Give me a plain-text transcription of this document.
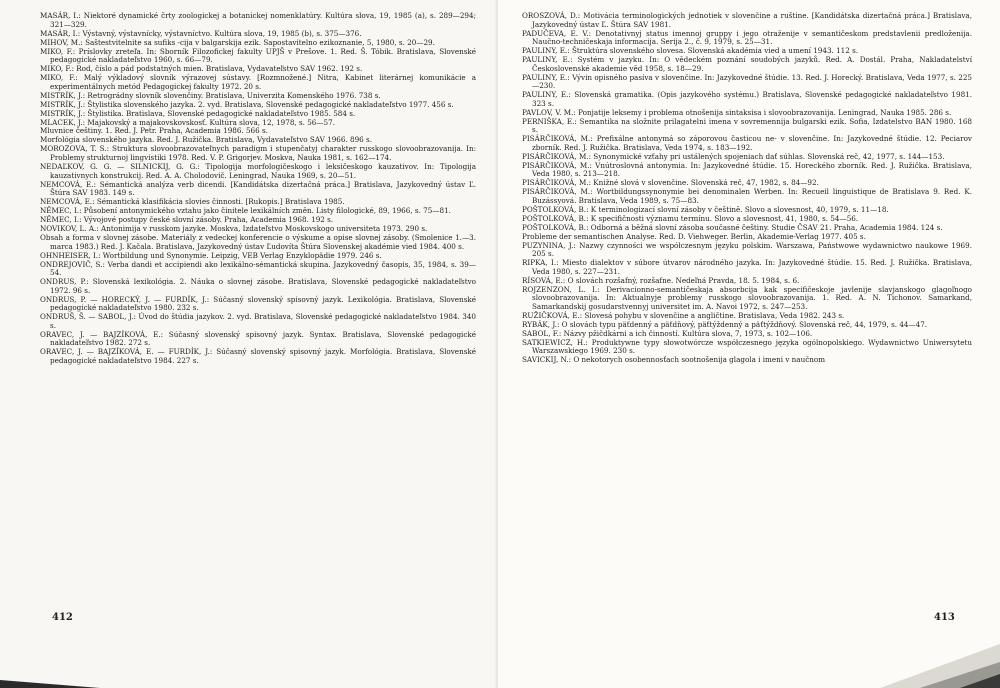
MASÁR, I.: Niektoré dynamické črty zoologickej a botanickej nomenklatúry. Kultúra slova, 19, 1985 (a), s. 289—294; 321—329.
MASÁR, I.: Výstavný, výstavnícky, výstavníctvo. Kultúra slova, 19, 1985 (b), s. 375—376.
MIHOV, M.: Saštestvitelnite sa sufiks -cija v balgarskija ezik. Sapostavitelno ezikoznanie, 5, 1980, s. 20—29.
MIKO, F.: Príslovky zreteľa. In: Sborník Filozofickej fakulty UPJŠ v Prešove. 1. Red. Š. Tóbik. Bratislava, Slovenské pedagogické nakladateľstvo 1960, s. 66—79.
MIKO, F.: Rod, číslo a pád podstatných mien. Bratislava, Vydavateľstvo SAV 1962. 192 s.
MIKO, F.: Malý výkladový slovník výrazovej sústavy. [Rozmnožené.] Nitra, Kabinet literárnej komunikácie a experimentálnych metód Pedagogickej fakulty 1972. 20 s.
MISTRÍK, J.: Retrográdny slovník slovenčiny. Bratislava, Univerzita Komenského 1976. 738 s.
MISTRÍK, J.: Štylistika slovenského jazyka. 2. vyd. Bratislava, Slovenské pedagogické nakladateľstvo 1977. 456 s.
MISTRÍK, J.: Štylistika. Bratislava, Slovenské pedagogické nakladateľstvo 1985. 584 s.
MLACEK, J.: Majakovský a majakovskovskosť. Kultúra slova, 12, 1978, s. 56—57.
Mluvnice češtiny. 1. Red. J. Petr. Praha, Academia 1986. 566 s.
Morfológia slovenského jazyka. Red. J. Ružička. Bratislava, Vydavateľstvo SAV 1966. 896 s.
MOROZOVA, T. S.: Struktura slovoobrazovateľnych paradigm i stupenčatyj charakter russkogo slovoobrazovanija. In: Problemy strukturnoj lingvistiki 1978. Red. V. P. Grigorjev. Moskva, Nauka 1981, s. 162—174.
NEDAĽKOV, G. G. — SILNICKIJ, G. G.: Tipologija morfologičeskogo i leksičeskogo kauzativov. In: Tipologija kauzativnych konstrukcij. Red. A. A. Cholodovič. Leningrad, Nauka 1969, s. 20—51.
NEMCOVÁ, E.: Sémantická analýza verb dicendi. [Kandidátska dizertačná práca.] Bratislava, Jazykovedný ústav Ľ. Štúra SAV 1983. 149 s.
NEMCOVÁ, E.: Sémantická klasifikácia slovies činnosti. [Rukopis.] Bratislava 1985.
NĚMEC, I.: Působení antonymického vztahu jako činitele lexikálních změn. Listy filologické, 89, 1966, s. 75—81.
NĚMEC, I.: Vývojové postupy české slovní zásoby. Praha, Academia 1968. 192 s.
NOVIKOV, L. A.: Antonimija v russkom jazyke. Moskva, Izdateľstvo Moskovskogo universiteta 1973. 290 s.
Obsah a forma v slovnej zásobe. Materiály z vedeckej konferencie o výskume a opise slovnej zásoby. (Smolenice 1.—3. marca 1983.) Red. J. Kačala. Bratislava, Jazykovedný ústav Ľudovíta Štúra Slovenskej akadémie vied 1984. 400 s.
OHNHEISER, I.: Wortbildung und Synonymie. Leipzig, VEB Verlag Enzyklopädie 1979. 246 s.
ONDREJOVIČ, S.: Verba dandi et accipiendi ako lexikálno-sémantická skupina. Jazykovedný časopis, 35, 1984, s. 39—54.
ONDRUS, P.: Slovenská lexikológia. 2. Náuka o slovnej zásobe. Bratislava, Slovenské pedagogické nakladateľstvo 1972. 96 s.
ONDRUS, P. — HORECKÝ, J. — FURDÍK, J.: Súčasný slovenský spisovný jazyk. Lexikológia. Bratislava, Slovenské pedagogické nakladateľstvo 1980. 232 s.
ONDRUŠ, Š. — SABOL, J.: Úvod do štúdia jazykov. 2. vyd. Bratislava, Slovenské pedagogické nakladateľstvo 1984. 340 s.
ORAVEC, J. — BAJZÍKOVÁ, E.: Súčasný slovenský spisovný jazyk. Syntax. Bratislava, Slovenské pedagogické nakladateľstvo 1982. 272 s.
ORAVEC, J. — BAJZÍKOVÁ, E. — FURDÍK, J.: Súčasný slovenský spisovný jazyk. Morfológia. Bratislava, Slovenské pedagogické nakladateľstvo 1984. 227 s.
412
OROSZOVÁ, D.: Motivácia terminologických jednotiek v slovenčine a ruštine. [Kandidátska dizertačná práca.] Bratislava, Jazykovedný ústav Ľ. Štúra SAV 1981.
PADUČEVA, E. V.: Denotativnyj status imennoj gruppy i jego otraženije v semantičeskom predstavlenii predloženija. Naučno-techničeskaja informacija. Serija 2., č. 9, 1979, s. 25—31.
PAULINY, E.: Štruktúra slovenského slovesa. Slovenská akadémia vied a umení 1943. 112 s.
PAULINY, E.: Systém v jazyku. In: O vědeckém poznání soudobých jazyků. Red. A. Dostál. Praha, Nakladatelství Československé akademie věd 1958, s. 18—29.
PAULINY, E.: Vývin opisného pasíva v slovenčine. In: Jazykovedné štúdie. 13. Red. J. Horecký. Bratislava, Veda 1977, s. 225—230.
PAULINY, E.: Slovenská gramatika. (Opis jazykového systému.) Bratislava, Slovenské pedagogické nakladateľstvo 1981. 323 s.
PAVLOV, V. M.: Ponjatije leksemy i problema otnošenija sintaksisa i slovoobrazovanija. Leningrad, Nauka 1985. 286 s.
PERNIŠKA, E.: Semantika na složnite prilagatelni imena v sovremennija bulgarski ezik. Sofia, Izdatelstvo BAN 1980. 168 s.
PISÁRČIKOVÁ, M.: Prefixálne antonymá so záporovou časticou ne- v slovenčine. In: Jazykovedné štúdie. 12. Peciarov zborník. Red. J. Ružička. Bratislava, Veda 1974, s. 183—192.
PISÁRČIKOVÁ, M.: Synonymické vzťahy pri ustálených spojeniach dať súhlas. Slovenská reč, 42, 1977, s. 144—153.
PISÁRČIKOVÁ, M.: Vnútroslovná antonymia. In: Jazykovedné štúdie. 15. Horeckého zborník. Red. J. Ružička. Bratislava, Veda 1980, s. 213—218.
PISÁRČIKOVÁ, M.: Knižné slová v slovenčine. Slovenská reč, 47, 1982, s. 84—92.
PISÁRČIKOVÁ, M.: Wortbildungssynonymie bei denominalen Werben. In: Recueil linguistique de Bratislava 9. Red. K. Buzássyová. Bratislava, Veda 1989, s. 75—83.
POŠTOLKOVÁ, B.: K terminologizací slovní zásoby v češtině. Slovo a slovesnost, 40, 1979, s. 11—18.
POŠTOLKOVÁ, B.: K specifičnosti významu termínu. Slovo a slovesnost, 41, 1980, s. 54—56.
POŠTOLKOVÁ, B.: Odborná a běžná slovní zásoba současné češtiny. Studie ČSAV 21. Praha, Academia 1984. 124 s.
Probleme der semantischen Analyse. Red. D. Viehweger. Berlin, Akademie-Verlag 1977. 405 s.
PUZYNINA, J.: Nazwy czynności we współczesnym języku polskim. Warszawa, Państwowe wydawnictwo naukowe 1969. 205 s.
RIPKA, I.: Miesto dialektov v súbore útvarov národného jazyka. In: Jazykovedné štúdie. 15. Red. J. Ružička. Bratislava, Veda 1980, s. 227—231.
RÍSOVÁ, E.: O slovách rozšafný, rozšafne. Nedeľná Pravda, 18. 5. 1984, s. 6.
ROJZENZON, L. I.: Derivacionno-semantičeskaja absorbcija kak specifičeskoje javlenije slavjanskogo glagoľnogo slovoobrazovanija. In: Aktualnyje problemy russkogo slovoobrazovanija. 1. Red. A. N. Tichonov. Samarkand, Samarkandskij gosudarstvennyj universitet im. A. Navoi 1972, s. 247—253.
RUŽIČKOVÁ, E.: Slovesá pohybu v slovenčine a angličtine. Bratislava, Veda 1982. 243 s.
RYBÁK, J.: O slovách typu päťdenný a päťdňový, päťtýždenný a päťtýždňový. Slovenská reč, 44, 1979, s. 44—47.
SABOL, F.: Názvy pžičdkárni a ich činností. Kultúra slova, 7, 1973, s. 102—106.
SATKIEWICZ, H.: Produktywne typy słowotwórcze współczesnego języka ogólnopolskiego. Wydawnictwo Uniwersytetu Warszawskiego 1969. 230 s.
SAVICKIJ, N.: O nekotorych osobennosťach sootnošenija glagola i imeni v naučnom
413
